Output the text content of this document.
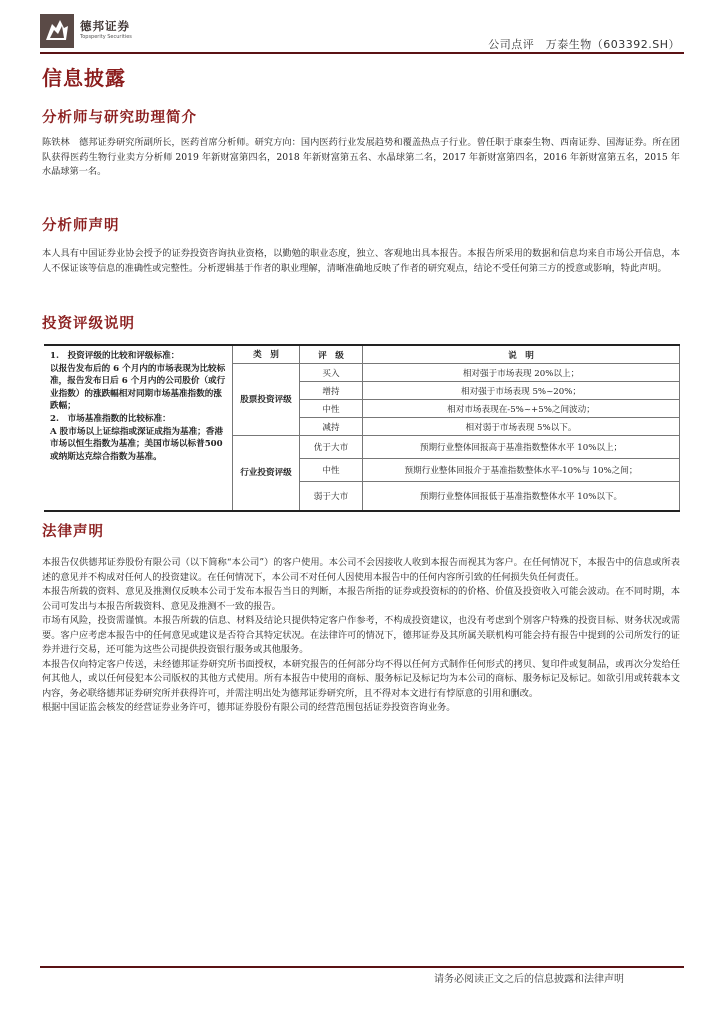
德邦证券
Topsperity Securities
公司点评　万泰生物（603392.SH）
信息披露
分析师与研究助理简介

陈铁林　德邦证券研究所副所长，医药首席分析师。研究方向：国内医药行业发展趋势和覆盖热点子行业。曾任职于康泰生物、西南证券、国海证券。所在团队获得医药生物行业卖方分析师 2019 年新财富第四名，2018 年新财富第五名、水晶球第二名，2017 年新财富第四名，2016 年新财富第五名，2015 年水晶球第一名。

分析师声明

本人具有中国证券业协会授予的证券投资咨询执业资格，以勤勉的职业态度，独立、客观地出具本报告。本报告所采用的数据和信息均来自市场公开信息，本人不保证该等信息的准确性或完整性。分析逻辑基于作者的职业理解，清晰准确地反映了作者的研究观点，结论不受任何第三方的授意或影响，特此声明。

投资评级说明
1.　投资评级的比较和评级标准：
以报告发布后的 6 个月内的市场表现为比较标准，报告发布日后 6 个月内的公司股价（或行业指数）的涨跌幅相对同期市场基准指数的涨跌幅；
2.　市场基准指数的比较标准：
A 股市场以上证综指或深证成指为基准；香港市场以恒生指数为基准；美国市场以标普500或纳斯达克综合指数为基准。	类　别	评　级	说　明
	股票投资评级	买入	相对强于市场表现 20%以上；
		增持	相对强于市场表现 5%~20%；
		中性	相对市场表现在-5%~+5%之间波动；
		减持	相对弱于市场表现 5%以下。
	行业投资评级	优于大市	预期行业整体回报高于基准指数整体水平 10%以上；
		中性	预期行业整体回报介于基准指数整体水平-10%与 10%之间；
		弱于大市	预期行业整体回报低于基准指数整体水平 10%以下。
法律声明

本报告仅供德邦证券股份有限公司（以下简称“本公司”）的客户使用。本公司不会因接收人收到本报告而视其为客户。在任何情况下，本报告中的信息或所表述的意见并不构成对任何人的投资建议。在任何情况下，本公司不对任何人因使用本报告中的任何内容所引致的任何损失负任何责任。

本报告所载的资料、意见及推测仅反映本公司于发布本报告当日的判断，本报告所指的证券或投资标的的价格、价值及投资收入可能会波动。在不同时期，本公司可发出与本报告所载资料、意见及推测不一致的报告。

市场有风险，投资需谨慎。本报告所载的信息、材料及结论只提供特定客户作参考，不构成投资建议，也没有考虑到个别客户特殊的投资目标、财务状况或需要。客户应考虑本报告中的任何意见或建议是否符合其特定状况。在法律许可的情况下，德邦证券及其所属关联机构可能会持有报告中提到的公司所发行的证券并进行交易，还可能为这些公司提供投资银行服务或其他服务。

本报告仅向特定客户传送，未经德邦证券研究所书面授权，本研究报告的任何部分均不得以任何方式制作任何形式的拷贝、复印件或复制品，或再次分发给任何其他人，或以任何侵犯本公司版权的其他方式使用。所有本报告中使用的商标、服务标记及标记均为本公司的商标、服务标记及标记。如欲引用或转载本文内容，务必联络德邦证券研究所并获得许可，并需注明出处为德邦证券研究所，且不得对本文进行有悖原意的引用和删改。

根据中国证监会核发的经营证券业务许可，德邦证券股份有限公司的经营范围包括证券投资咨询业务。

请务必阅读正文之后的信息披露和法律声明
